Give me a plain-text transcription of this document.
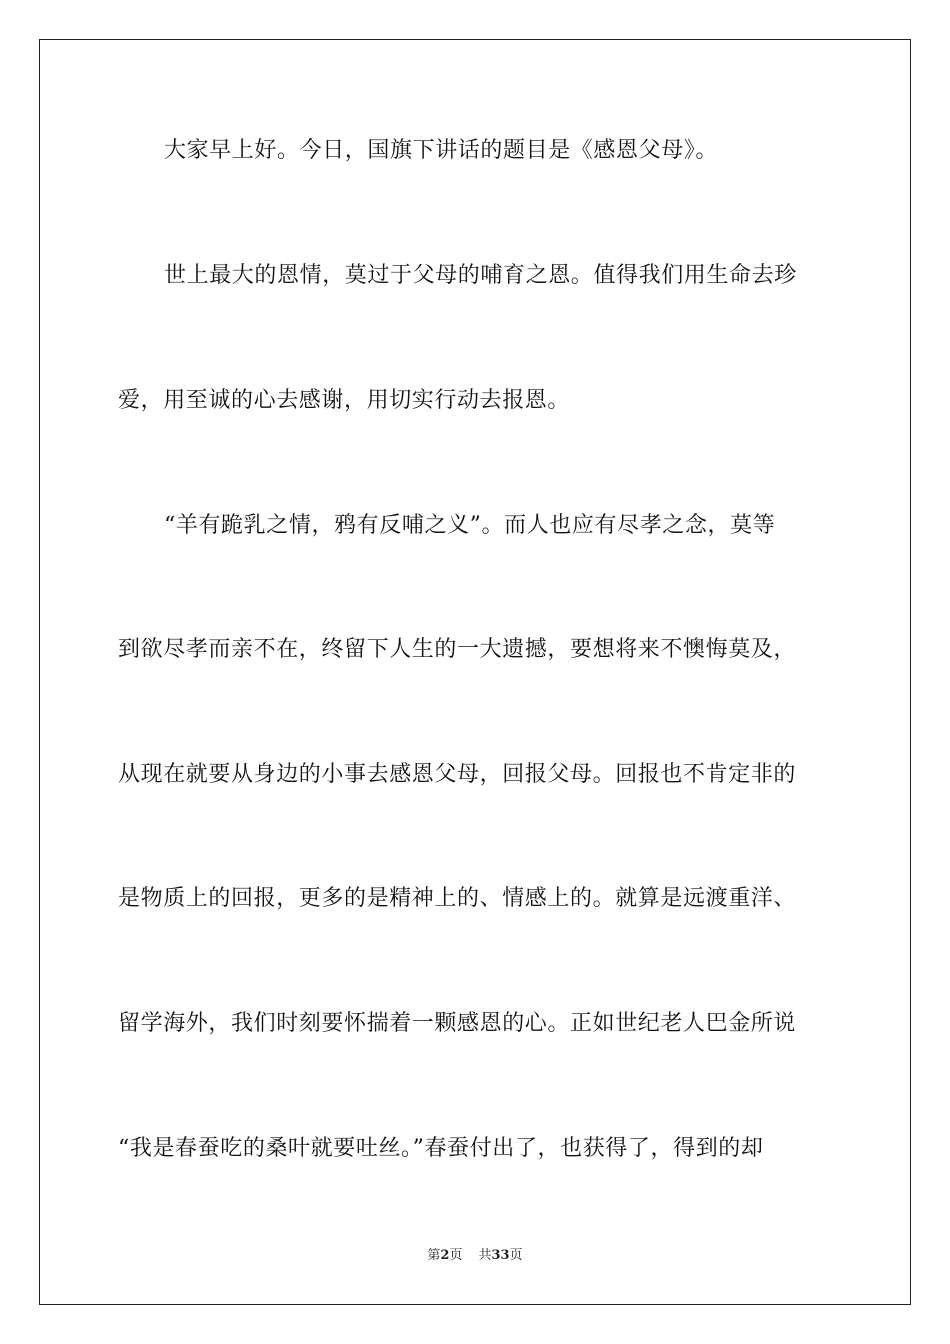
大家早上好。今日，国旗下讲话的题目是《感恩父母》。
世上最大的恩情，莫过于父母的哺育之恩。值得我们用生命去珍
爱，用至诚的心去感谢，用切实行动去报恩。
“羊有跪乳之情，鸦有反哺之义”。而人也应有尽孝之念，莫等
到欲尽孝而亲不在，终留下人生的一大遗撼，要想将来不懊悔莫及，
从现在就要从身边的小事去感恩父母，回报父母。回报也不肯定非的
是物质上的回报，更多的是精神上的、情感上的。就算是远渡重洋、
留学海外，我们时刻要怀揣着一颗感恩的心。正如世纪老人巴金所说
“我是春蚕吃的桑叶就要吐丝。”春蚕付出了，也获得了，得到的却
第2页 共33页
